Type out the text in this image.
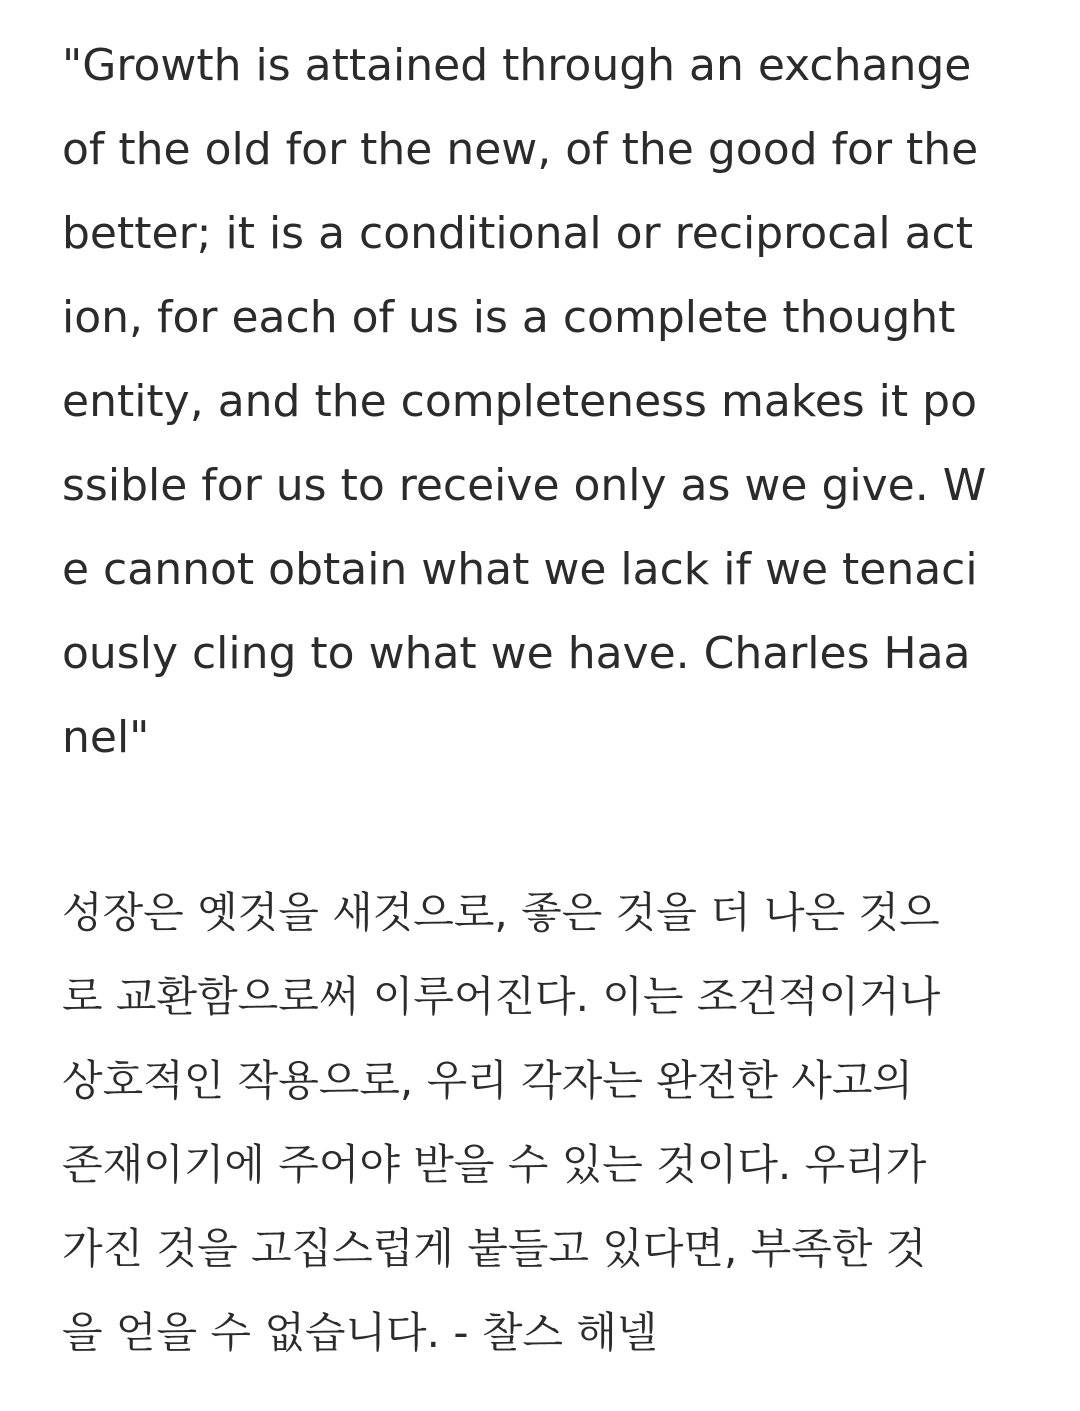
"Growth is attained through an exchange

of the old for the new, of the good for the

better; it is a conditional or reciprocal act

ion, for each of us is a complete thought

entity, and the completeness makes it po

ssible for us to receive only as we give. W

e cannot obtain what we lack if we tenaci

ously cling to what we have. Charles Haa

nel"

성장은 옛것을 새것으로, 좋은 것을 더 나은 것으

로 교환함으로써 이루어진다. 이는 조건적이거나

상호적인 작용으로, 우리 각자는 완전한 사고의

존재이기에 주어야 받을 수 있는 것이다. 우리가

가진 것을 고집스럽게 붙들고 있다면, 부족한 것

을 얻을 수 없습니다. - 찰스 해넬
